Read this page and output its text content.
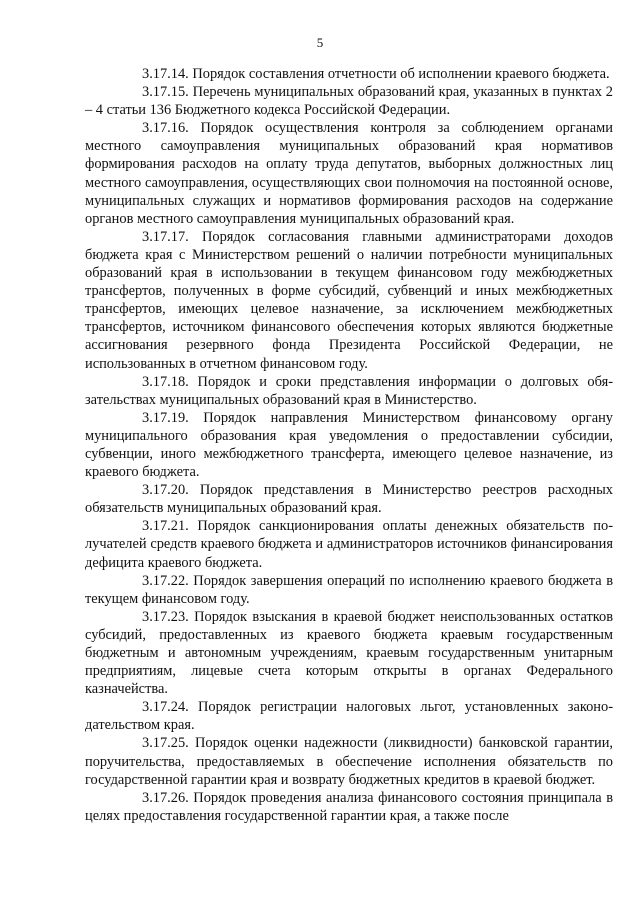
5

3.17.14. Порядок составления отчетности об исполнении краевого бюджета.

3.17.15. Перечень муниципальных образований края, указанных в пунктах 2 – 4 статьи 136 Бюджетного кодекса Российской Федерации.

3.17.16. Порядок осуществления контроля за соблюдением органами местного самоуправления муниципальных образований края нормативов формирования расходов на оплату труда депутатов, выборных должностных лиц местного самоуправления, осуществляющих свои полномочия на постоянной основе, муниципальных служащих и нормативов формирования расходов на содержание органов местного самоуправления муниципальных образований края.

3.17.17. Порядок согласования главными администраторами доходов бюджета края с Министерством решений о наличии потребности муниципальных образований края в использовании в текущем финансовом году межбюджетных трансфертов, полученных в форме субсидий, субвенций и иных межбюджетных трансфертов, имеющих целевое назначение, за исключением межбюджетных трансфертов, источником финансового обеспечения которых являются бюджетные ассигнования резервного фонда Президента Российской Федерации, не использованных в отчетном финансовом году.

3.17.18. Порядок и сроки представления информации о долговых обязательствах муниципальных образований края в Министерство.

3.17.19. Порядок направления Министерством финансовому органу муниципального образования края уведомления о предоставлении субсидии, субвенции, иного межбюджетного трансферта, имеющего целевое назначение, из краевого бюджета.

3.17.20. Порядок представления в Министерство реестров расходных обязательств муниципальных образований края.

3.17.21. Порядок санкционирования оплаты денежных обязательств получателей средств краевого бюджета и администраторов источников финансирования дефицита краевого бюджета.

3.17.22. Порядок завершения операций по исполнению краевого бюджета в текущем финансовом году.

3.17.23. Порядок взыскания в краевой бюджет неиспользованных остатков субсидий, предоставленных из краевого бюджета краевым государственным бюджетным и автономным учреждениям, краевым государственным унитарным предприятиям, лицевые счета которым открыты в органах Федерального казначейства.

3.17.24. Порядок регистрации налоговых льгот, установленных законодательством края.

3.17.25. Порядок оценки надежности (ликвидности) банковской гарантии, поручительства, предоставляемых в обеспечение исполнения обязательств по государственной гарантии края и возврату бюджетных кредитов в краевой бюджет.

3.17.26. Порядок проведения анализа финансового состояния принципала в целях предоставления государственной гарантии края, а также после
